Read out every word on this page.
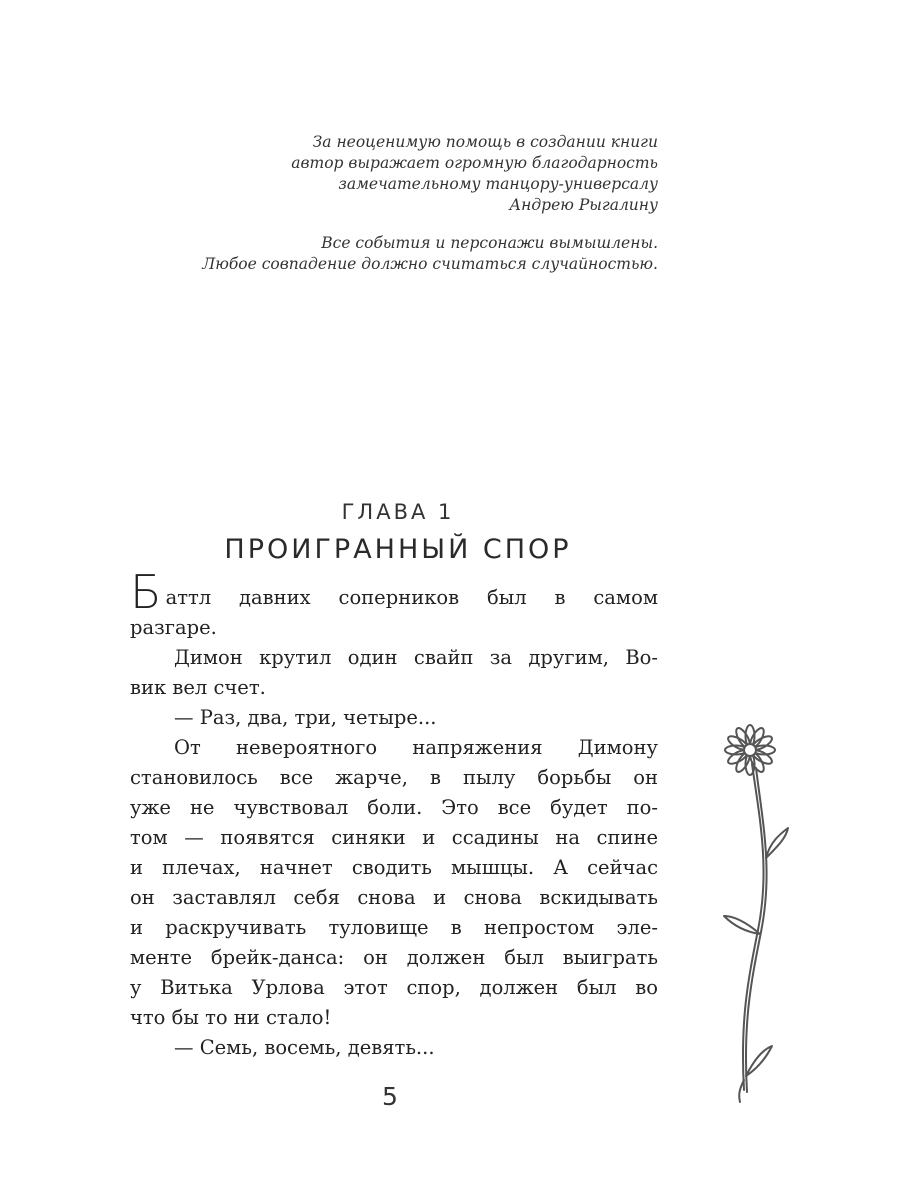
За неоценимую помощь в создании книги
автор выражает огромную благодарность
замечательному танцору-универсалу
Андрею Рыгалину
Все события и персонажи вымышлены.
Любое совпадение должно считаться случайностью.
ГЛАВА 1
ПРОИГРАННЫЙ СПОР
Баттл давних соперников был в самом
разгаре.
Димон крутил один свайп за другим, Во-
вик вел счет.
— Раз, два, три, четыре...
От невероятного напряжения Димону
становилось все жарче, в пылу борьбы он
уже не чувствовал боли. Это все будет по-
том — появятся синяки и ссадины на спине
и плечах, начнет сводить мышцы. А сейчас
он заставлял себя снова и снова вскидывать
и раскручивать туловище в непростом эле-
менте брейк-данса: он должен был выиграть
у Витька Урлова этот спор, должен был во
что бы то ни стало!
— Семь, восемь, девять...
5
